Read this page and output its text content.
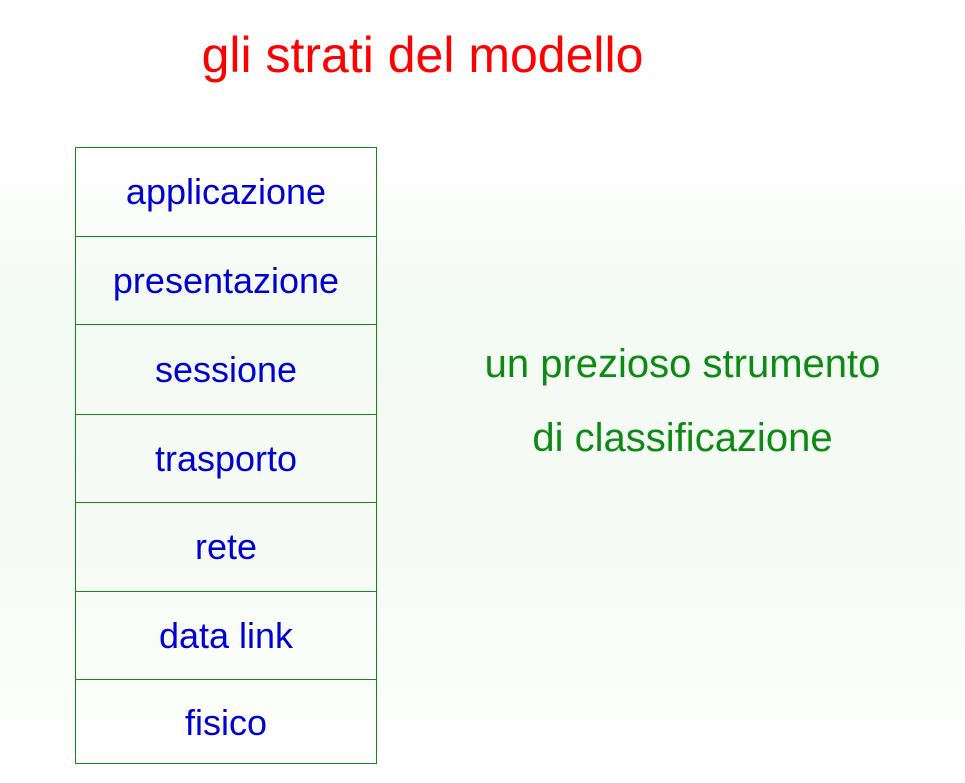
gli strati del modello
applicazione
presentazione
sessione
trasporto
rete
data link
fisico
un prezioso strumento
di classificazione
